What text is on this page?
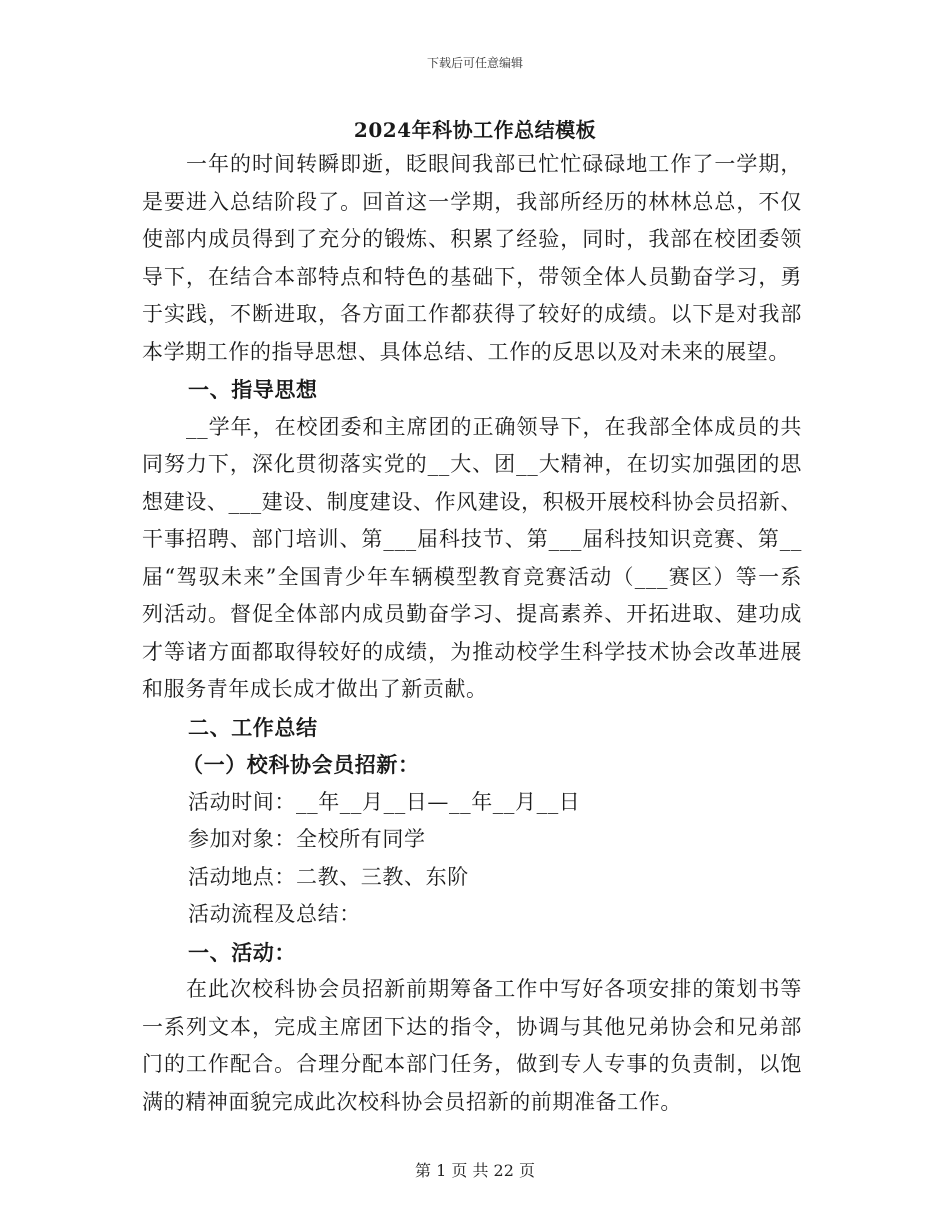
下载后可任意编辑
2024年科协工作总结模板

一年的时间转瞬即逝，眨眼间我部已忙忙碌碌地工作了一学期，是要进入总结阶段了。回首这一学期，我部所经历的林林总总，不仅使部内成员得到了充分的锻炼、积累了经验，同时，我部在校团委领导下，在结合本部特点和特色的基础下，带领全体人员勤奋学习，勇于实践，不断进取，各方面工作都获得了较好的成绩。以下是对我部本学期工作的指导思想、具体总结、工作的反思以及对未来的展望。

一、指导思想

__学年，在校团委和主席团的正确领导下，在我部全体成员的共同努力下，深化贯彻落实党的__大、团__大精神，在切实加强团的思想建设、___建设、制度建设、作风建设，积极开展校科协会员招新、干事招聘、部门培训、第___届科技节、第___届科技知识竞赛、第__届“驾驭未来”全国青少年车辆模型教育竞赛活动（___赛区）等一系列活动。督促全体部内成员勤奋学习、提高素养、开拓进取、建功成才等诸方面都取得较好的成绩，为推动校学生科学技术协会改革进展和服务青年成长成才做出了新贡献。

二、工作总结

（一）校科协会员招新：

活动时间：__年__月__日—__年__月__日

参加对象：全校所有同学

活动地点：二教、三教、东阶

活动流程及总结：

一、活动：

在此次校科协会员招新前期筹备工作中写好各项安排的策划书等一系列文本，完成主席团下达的指令，协调与其他兄弟协会和兄弟部门的工作配合。合理分配本部门任务，做到专人专事的负责制，以饱满的精神面貌完成此次校科协会员招新的前期准备工作。

第 1 页 共 22 页
